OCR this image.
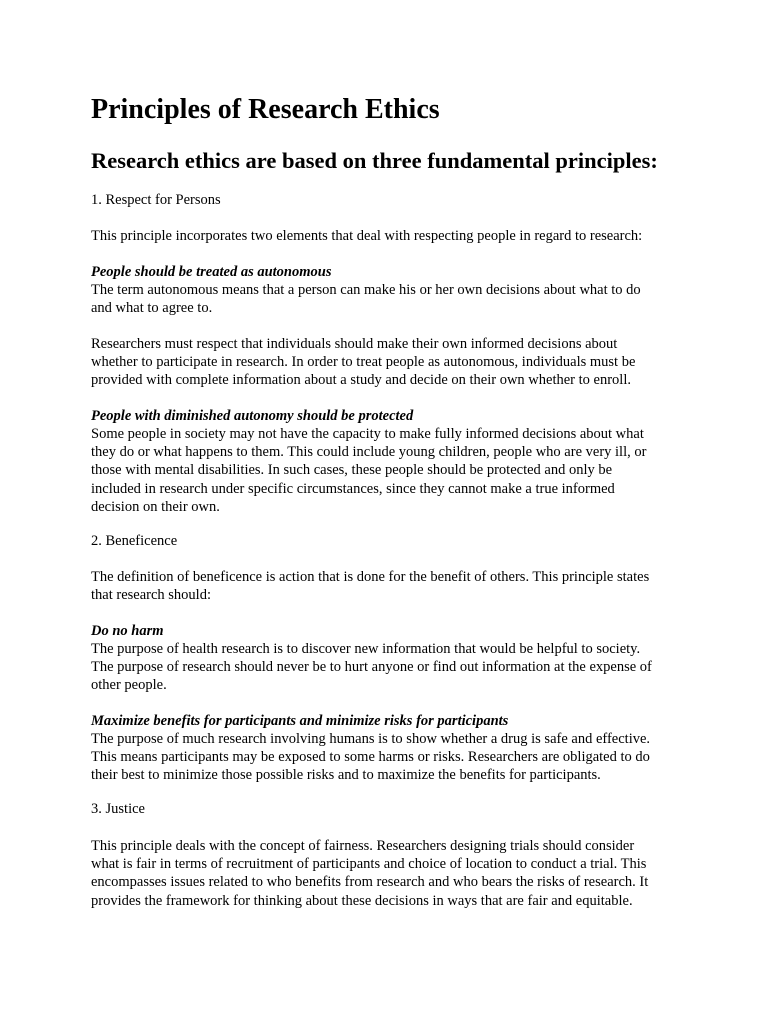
Principles of Research Ethics
Research ethics are based on three fundamental principles:
1. Respect for Persons
This principle incorporates two elements that deal with respecting people in regard to research:
People should be treated as autonomous
The term autonomous means that a person can make his or her own decisions about what to do
and what to agree to.
Researchers must respect that individuals should make their own informed decisions about
whether to participate in research. In order to treat people as autonomous, individuals must be
provided with complete information about a study and decide on their own whether to enroll.
People with diminished autonomy should be protected
Some people in society may not have the capacity to make fully informed decisions about what
they do or what happens to them. This could include young children, people who are very ill, or
those with mental disabilities. In such cases, these people should be protected and only be
included in research under specific circumstances, since they cannot make a true informed
decision on their own.
2. Beneficence
The definition of beneficence is action that is done for the benefit of others. This principle states
that research should:
Do no harm
The purpose of health research is to discover new information that would be helpful to society.
The purpose of research should never be to hurt anyone or find out information at the expense of
other people.
Maximize benefits for participants and minimize risks for participants
The purpose of much research involving humans is to show whether a drug is safe and effective.
This means participants may be exposed to some harms or risks. Researchers are obligated to do
their best to minimize those possible risks and to maximize the benefits for participants.
3. Justice
This principle deals with the concept of fairness. Researchers designing trials should consider
what is fair in terms of recruitment of participants and choice of location to conduct a trial. This
encompasses issues related to who benefits from research and who bears the risks of research. It
provides the framework for thinking about these decisions in ways that are fair and equitable.
